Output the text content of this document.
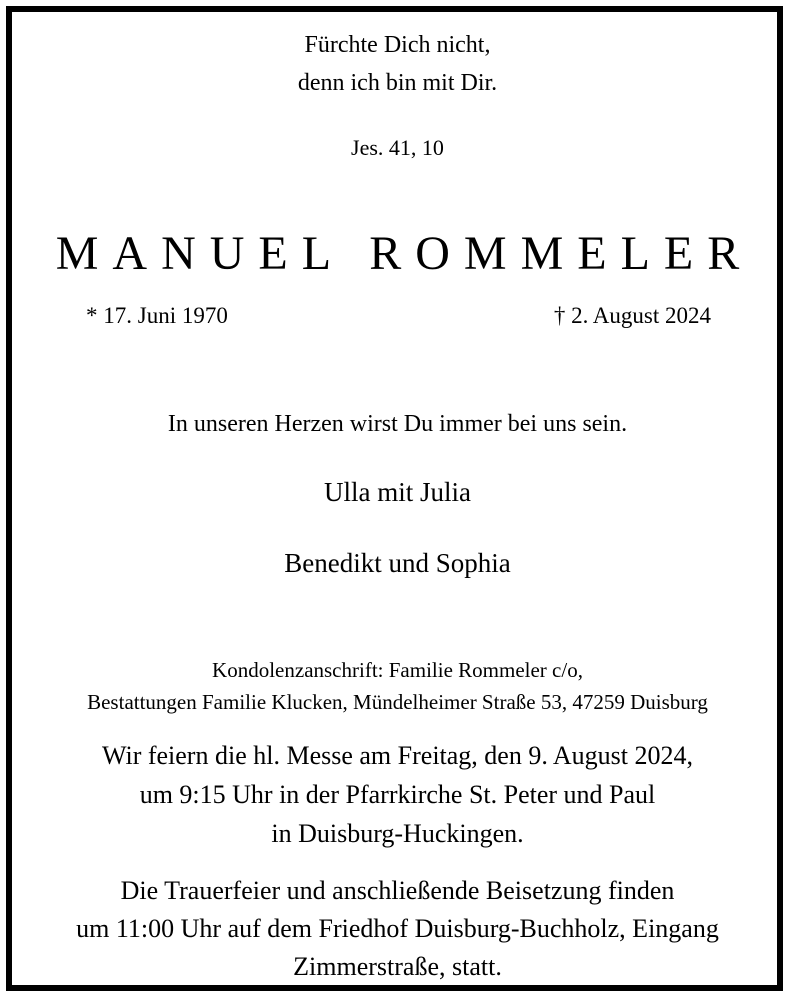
Fürchte Dich nicht,
denn ich bin mit Dir.
Jes. 41, 10
MANUEL ROMMELER
* 17. Juni 1970	† 2. August 2024
In unseren Herzen wirst Du immer bei uns sein.
Ulla mit Julia
Benedikt und Sophia
Kondolenzanschrift: Familie Rommeler c/o,
Bestattungen Familie Klucken, Mündelheimer Straße 53, 47259 Duisburg
Wir feiern die hl. Messe am Freitag, den 9. August 2024,
um 9:15 Uhr in der Pfarrkirche St. Peter und Paul
in Duisburg-Huckingen.
Die Trauerfeier und anschließende Beisetzung finden
um 11:00 Uhr auf dem Friedhof Duisburg-Buchholz, Eingang
Zimmerstraße, statt.
